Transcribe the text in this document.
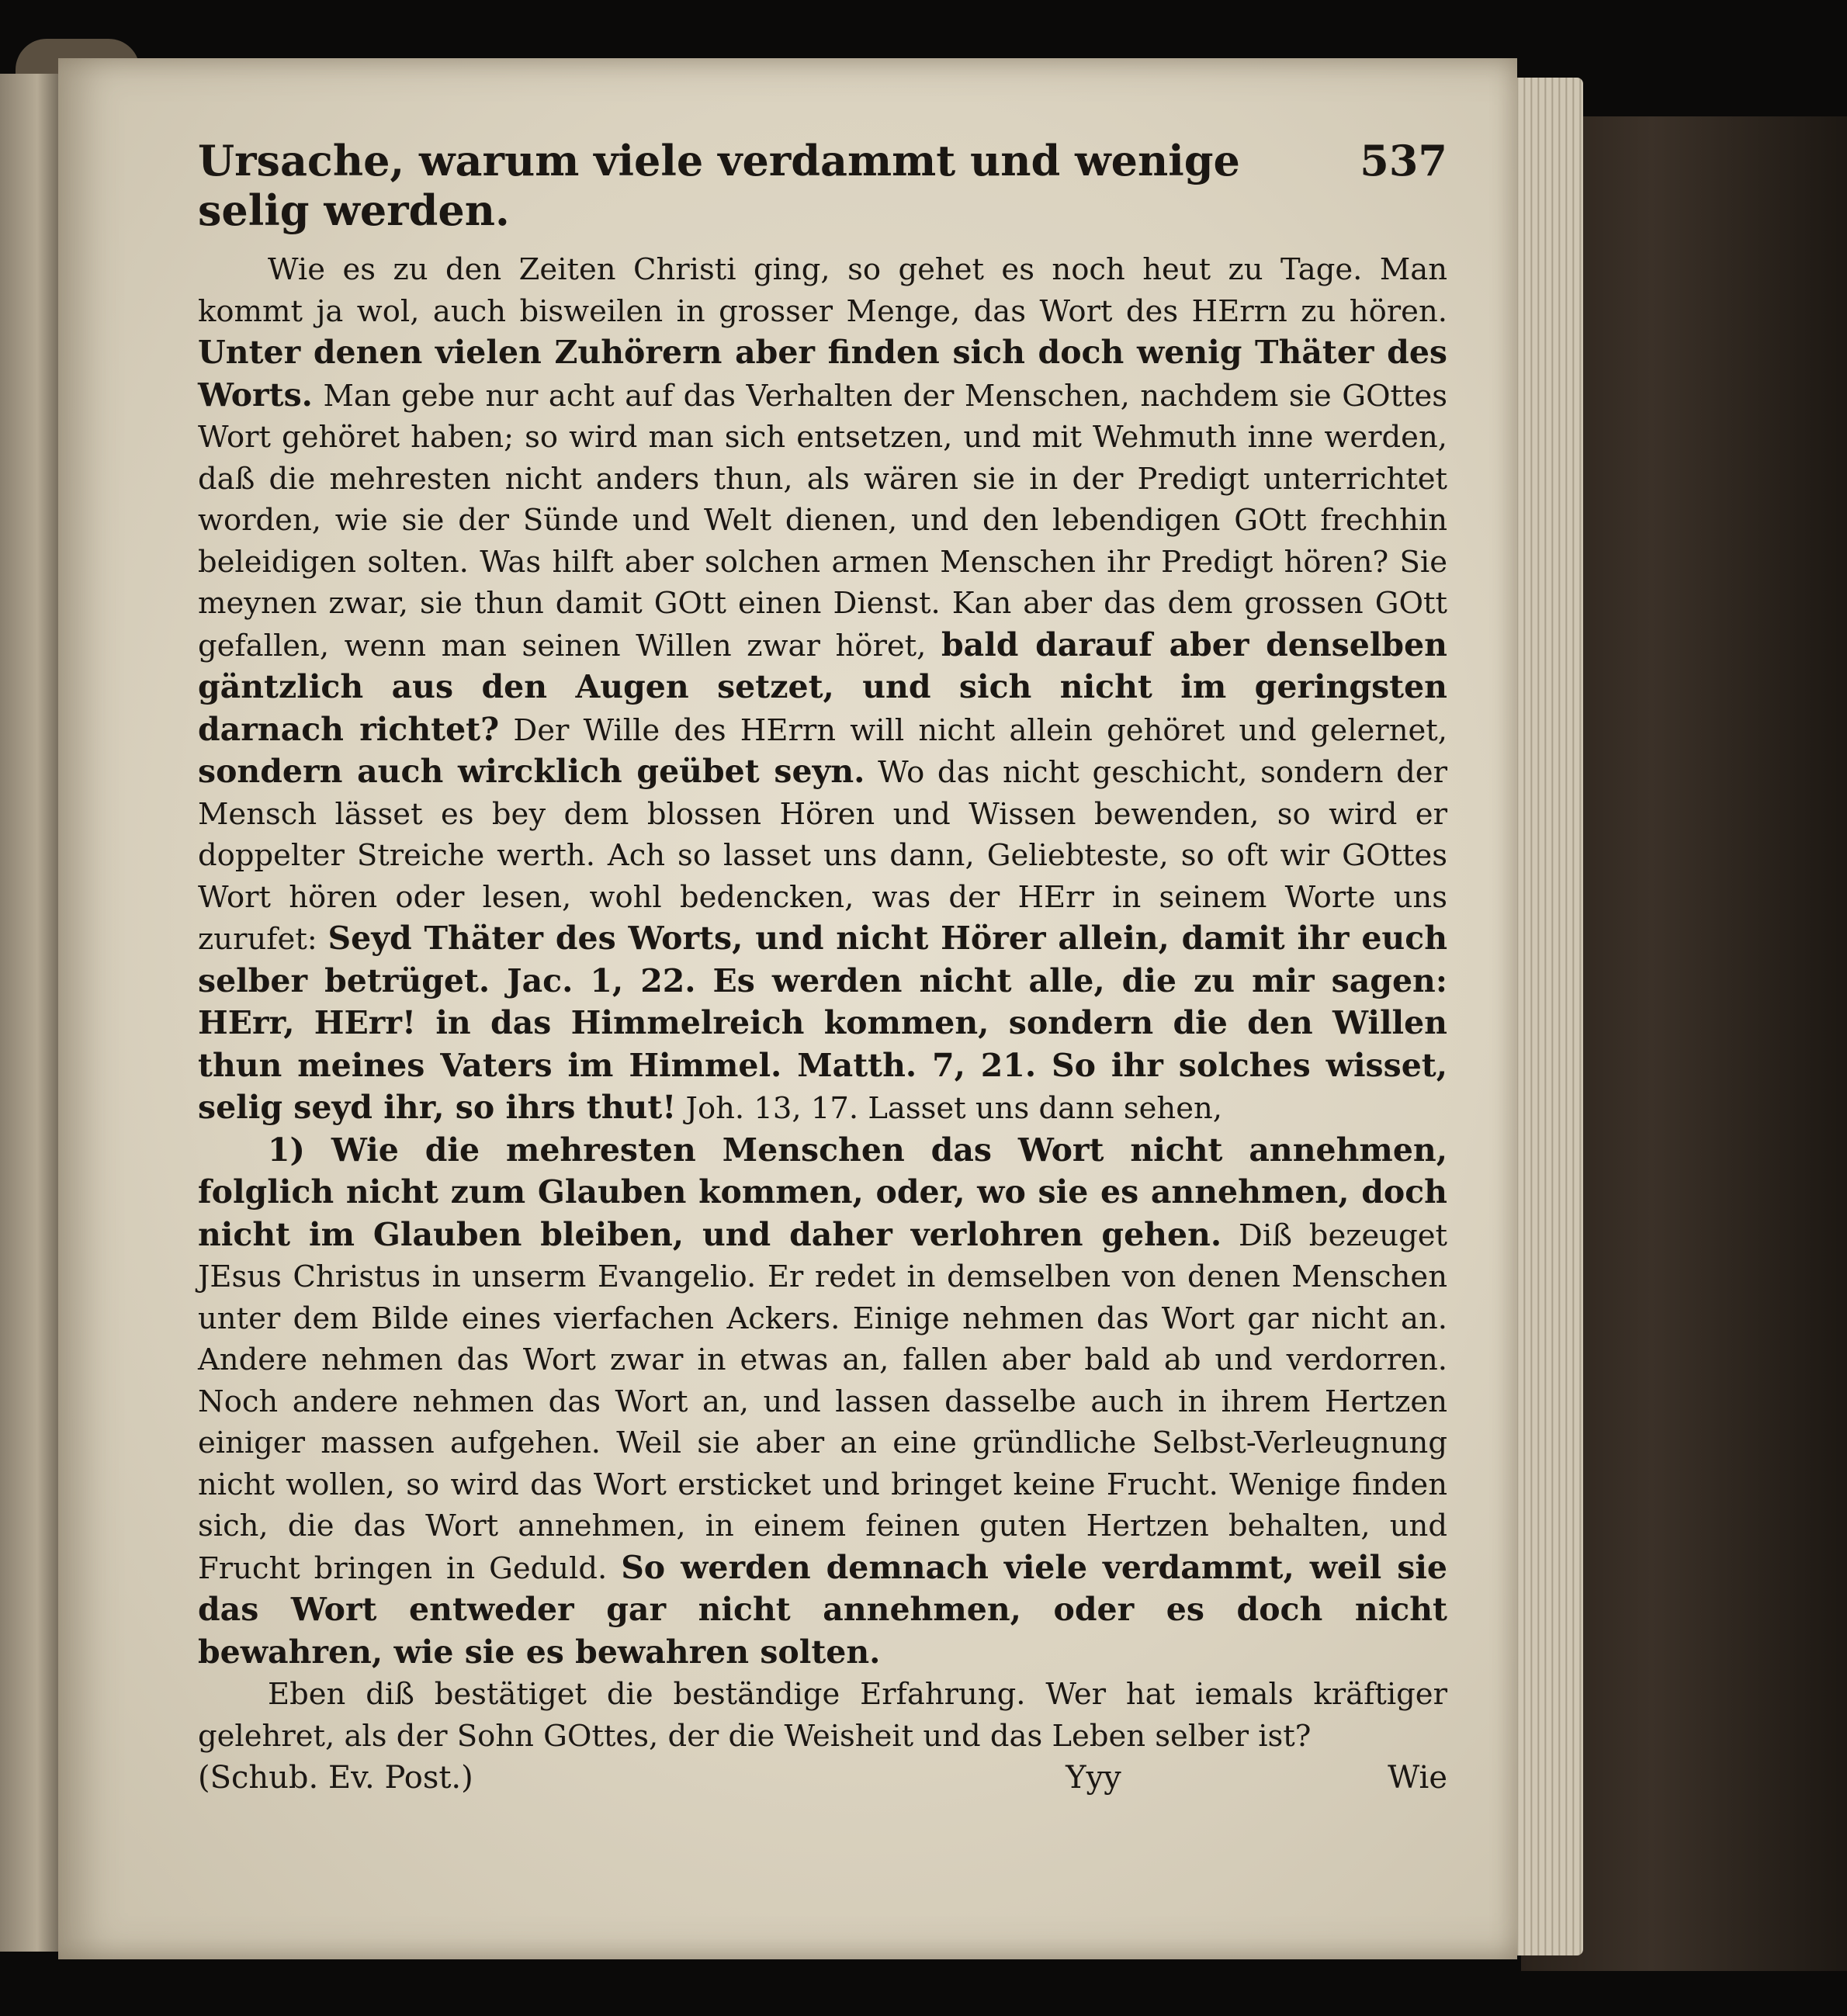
Ursache, warum viele verdammt und wenige selig werden.
537
Wie es zu den Zeiten Christi ging, so gehet es noch heut zu Tage. Man kommt ja wol, auch bisweilen in grosser Menge, das Wort des HErrn zu hören. Unter denen vielen Zuhörern aber finden sich doch wenig Thäter des Worts. Man gebe nur acht auf das Verhalten der Menschen, nachdem sie GOttes Wort gehöret haben; so wird man sich entsetzen, und mit Wehmuth inne werden, daß die mehresten nicht anders thun, als wären sie in der Predigt unterrichtet worden, wie sie der Sünde und Welt dienen, und den lebendigen GOtt frechhin beleidigen solten. Was hilft aber solchen armen Menschen ihr Predigt hören? Sie meynen zwar, sie thun damit GOtt einen Dienst. Kan aber das dem grossen GOtt gefallen, wenn man seinen Willen zwar höret, bald darauf aber denselben gäntzlich aus den Augen setzet, und sich nicht im geringsten darnach richtet? Der Wille des HErrn will nicht allein gehöret und gelernet, sondern auch wircklich geübet seyn. Wo das nicht geschicht, sondern der Mensch lässet es bey dem blossen Hören und Wissen bewenden, so wird er doppelter Streiche werth. Ach so lasset uns dann, Geliebteste, so oft wir GOttes Wort hören oder lesen, wohl bedencken, was der HErr in seinem Worte uns zurufet: Seyd Thäter des Worts, und nicht Hörer allein, damit ihr euch selber betrüget. Jac. 1, 22. Es werden nicht alle, die zu mir sagen: HErr, HErr! in das Himmelreich kommen, sondern die den Willen thun meines Vaters im Himmel. Matth. 7, 21. So ihr solches wisset, selig seyd ihr, so ihrs thut! Joh. 13, 17. Lasset uns dann sehen,
1) Wie die mehresten Menschen das Wort nicht annehmen, folglich nicht zum Glauben kommen, oder, wo sie es annehmen, doch nicht im Glauben bleiben, und daher verlohren gehen. Diß bezeuget JEsus Christus in unserm Evangelio. Er redet in demselben von denen Menschen unter dem Bilde eines vierfachen Ackers. Einige nehmen das Wort gar nicht an. Andere nehmen das Wort zwar in etwas an, fallen aber bald ab und verdorren. Noch andere nehmen das Wort an, und lassen dasselbe auch in ihrem Hertzen einiger massen aufgehen. Weil sie aber an eine gründliche Selbst-Verleugnung nicht wollen, so wird das Wort ersticket und bringet keine Frucht. Wenige finden sich, die das Wort annehmen, in einem feinen guten Hertzen behalten, und Frucht bringen in Geduld. So werden demnach viele verdammt, weil sie das Wort entweder gar nicht annehmen, oder es doch nicht bewahren, wie sie es bewahren solten.
Eben diß bestätiget die beständige Erfahrung. Wer hat iemals kräftiger gelehret, als der Sohn GOttes, der die Weisheit und das Leben selber ist?
(Schub. Ev. Post.)	Yyy	Wie
